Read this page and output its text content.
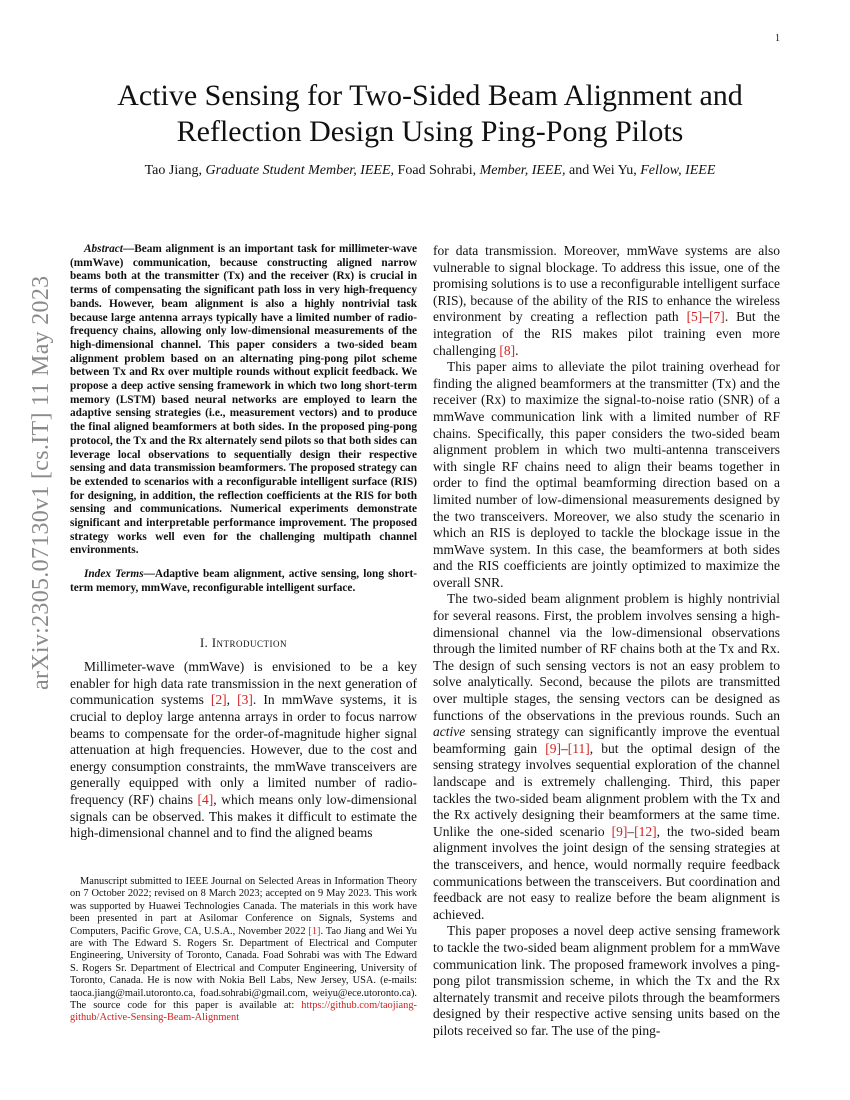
1
arXiv:2305.07130v1 [cs.IT] 11 May 2023
Active Sensing for Two-Sided Beam Alignment and
Reflection Design Using Ping-Pong Pilots
Tao Jiang, Graduate Student Member, IEEE, Foad Sohrabi, Member, IEEE, and Wei Yu, Fellow, IEEE

Abstract—Beam alignment is an important task for millimeter-wave (mmWave) communication, because constructing aligned narrow beams both at the transmitter (Tx) and the receiver (Rx) is crucial in terms of compensating the significant path loss in very high-frequency bands. However, beam alignment is also a highly nontrivial task because large antenna arrays typically have a limited number of radio-frequency chains, allowing only low-dimensional measurements of the high-dimensional channel. This paper considers a two-sided beam alignment problem based on an alternating ping-pong pilot scheme between Tx and Rx over multiple rounds without explicit feedback. We propose a deep active sensing framework in which two long short-term memory (LSTM) based neural networks are employed to learn the adaptive sensing strategies (i.e., measurement vectors) and to produce the final aligned beamformers at both sides. In the proposed ping-pong protocol, the Tx and the Rx alternately send pilots so that both sides can leverage local observations to sequentially design their respective sensing and data transmission beamformers. The proposed strategy can be extended to scenarios with a reconfigurable intelligent surface (RIS) for designing, in addition, the reflection coefficients at the RIS for both sensing and communications. Numerical experiments demonstrate significant and interpretable performance improvement. The proposed strategy works well even for the challenging multipath channel environments.

Index Terms—Adaptive beam alignment, active sensing, long short-term memory, mmWave, reconfigurable intelligent surface.

I. Introduction

Millimeter-wave (mmWave) is envisioned to be a key enabler for high data rate transmission in the next generation of communication systems [2], [3]. In mmWave systems, it is crucial to deploy large antenna arrays in order to focus narrow beams to compensate for the order-of-magnitude higher signal attenuation at high frequencies. However, due to the cost and energy consumption constraints, the mmWave transceivers are generally equipped with only a limited number of radio-frequency (RF) chains [4], which means only low-dimensional signals can be observed. This makes it difficult to estimate the high-dimensional channel and to find the aligned beams

Manuscript submitted to IEEE Journal on Selected Areas in Information Theory on 7 October 2022; revised on 8 March 2023; accepted on 9 May 2023. This work was supported by Huawei Technologies Canada. The materials in this work have been presented in part at Asilomar Conference on Signals, Systems and Computers, Pacific Grove, CA, U.S.A., November 2022 [1]. Tao Jiang and Wei Yu are with The Edward S. Rogers Sr. Department of Electrical and Computer Engineering, University of Toronto, Canada. Foad Sohrabi was with The Edward S. Rogers Sr. Department of Electrical and Computer Engineering, University of Toronto, Canada. He is now with Nokia Bell Labs, New Jersey, USA. (e-mails: taoca.jiang@mail.utoronto.ca, foad.sohrabi@gmail.com, weiyu@ece.utoronto.ca). The source code for this paper is available at: https://github.com/taojiang-github/Active-Sensing-Beam-Alignment

for data transmission. Moreover, mmWave systems are also vulnerable to signal blockage. To address this issue, one of the promising solutions is to use a reconfigurable intelligent surface (RIS), because of the ability of the RIS to enhance the wireless environment by creating a reflection path [5]–[7]. But the integration of the RIS makes pilot training even more challenging [8].

This paper aims to alleviate the pilot training overhead for finding the aligned beamformers at the transmitter (Tx) and the receiver (Rx) to maximize the signal-to-noise ratio (SNR) of a mmWave communication link with a limited number of RF chains. Specifically, this paper considers the two-sided beam alignment problem in which two multi-antenna transceivers with single RF chains need to align their beams together in order to find the optimal beamforming direction based on a limited number of low-dimensional measurements designed by the two transceivers. Moreover, we also study the scenario in which an RIS is deployed to tackle the blockage issue in the mmWave system. In this case, the beamformers at both sides and the RIS coefficients are jointly optimized to maximize the overall SNR.

The two-sided beam alignment problem is highly nontrivial for several reasons. First, the problem involves sensing a high-dimensional channel via the low-dimensional observations through the limited number of RF chains both at the Tx and Rx. The design of such sensing vectors is not an easy problem to solve analytically. Second, because the pilots are transmitted over multiple stages, the sensing vectors can be designed as functions of the observations in the previous rounds. Such an active sensing strategy can significantly improve the eventual beamforming gain [9]–[11], but the optimal design of the sensing strategy involves sequential exploration of the channel landscape and is extremely challenging. Third, this paper tackles the two-sided beam alignment problem with the Tx and the Rx actively designing their beamformers at the same time. Unlike the one-sided scenario [9]–[12], the two-sided beam alignment involves the joint design of the sensing strategies at the transceivers, and hence, would normally require feedback communications between the transceivers. But coordination and feedback are not easy to realize before the beam alignment is achieved.

This paper proposes a novel deep active sensing framework to tackle the two-sided beam alignment problem for a mmWave communication link. The proposed framework involves a ping-pong pilot transmission scheme, in which the Tx and the Rx alternately transmit and receive pilots through the beamformers designed by their respective active sensing units based on the pilots received so far. The use of the ping-
